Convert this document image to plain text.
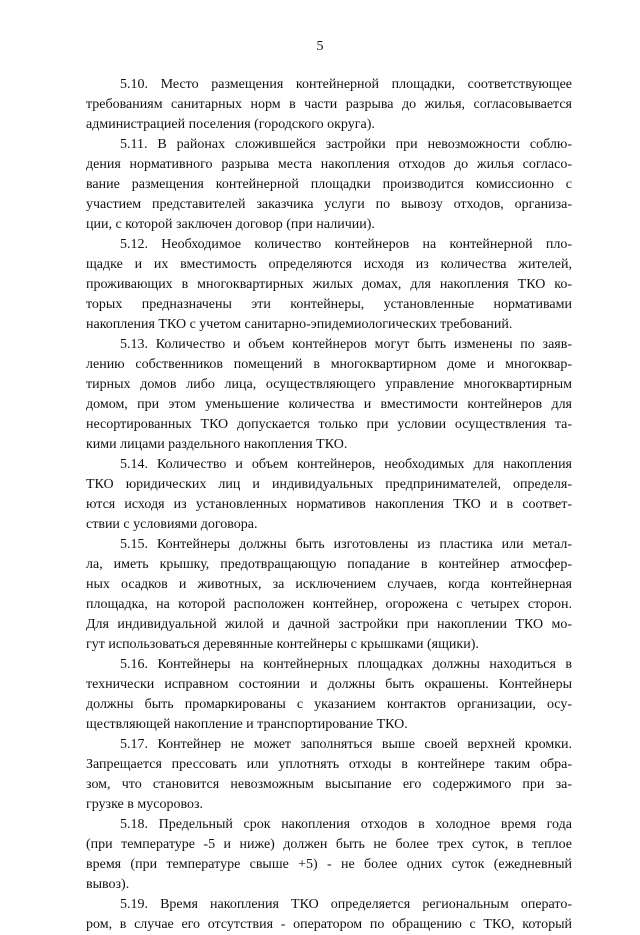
5

5.10. Место размещения контейнерной площадки, соответствующее
требованиям санитарных норм в части разрыва до жилья, согласовывается
администрацией поселения (городского округа).

5.11. В районах сложившейся застройки при невозможности соблю-
дения нормативного разрыва места накопления отходов до жилья согласо-
вание размещения контейнерной площадки производится комиссионно с
участием представителей заказчика услуги по вывозу отходов, организа-
ции, с которой заключен договор (при наличии).

5.12. Необходимое количество контейнеров на контейнерной пло-
щадке и их вместимость определяются исходя из количества жителей,
проживающих в многоквартирных жилых домах, для накопления ТКО ко-
торых предназначены эти контейнеры, установленные нормативами
накопления ТКО с учетом санитарно-эпидемиологических требований.

5.13. Количество и объем контейнеров могут быть изменены по заяв-
лению собственников помещений в многоквартирном доме и многоквар-
тирных домов либо лица, осуществляющего управление многоквартирным
домом, при этом уменьшение количества и вместимости контейнеров для
несортированных ТКО допускается только при условии осуществления та-
кими лицами раздельного накопления ТКО.

5.14. Количество и объем контейнеров, необходимых для накопления
ТКО юридических лиц и индивидуальных предпринимателей, определя-
ются исходя из установленных нормативов накопления ТКО и в соответ-
ствии с условиями договора.

5.15. Контейнеры должны быть изготовлены из пластика или метал-
ла, иметь крышку, предотвращающую попадание в контейнер атмосфер-
ных осадков и животных, за исключением случаев, когда контейнерная
площадка, на которой расположен контейнер, огорожена с четырех сторон.
Для индивидуальной жилой и дачной застройки при накоплении ТКО мо-
гут использоваться деревянные контейнеры с крышками (ящики).

5.16. Контейнеры на контейнерных площадках должны находиться в
технически исправном состоянии и должны быть окрашены. Контейнеры
должны быть промаркированы с указанием контактов организации, осу-
ществляющей накопление и транспортирование ТКО.

5.17. Контейнер не может заполняться выше своей верхней кромки.
Запрещается прессовать или уплотнять отходы в контейнере таким обра-
зом, что становится невозможным высыпание его содержимого при за-
грузке в мусоровоз.

5.18. Предельный срок накопления отходов в холодное время года
(при температуре -5 и ниже) должен быть не более трех суток, в теплое
время (при температуре свыше +5) - не более одних суток (ежедневный
вывоз).

5.19. Время накопления ТКО определяется региональным операто-
ром, в случае его отсутствия - оператором по обращению с ТКО, который
